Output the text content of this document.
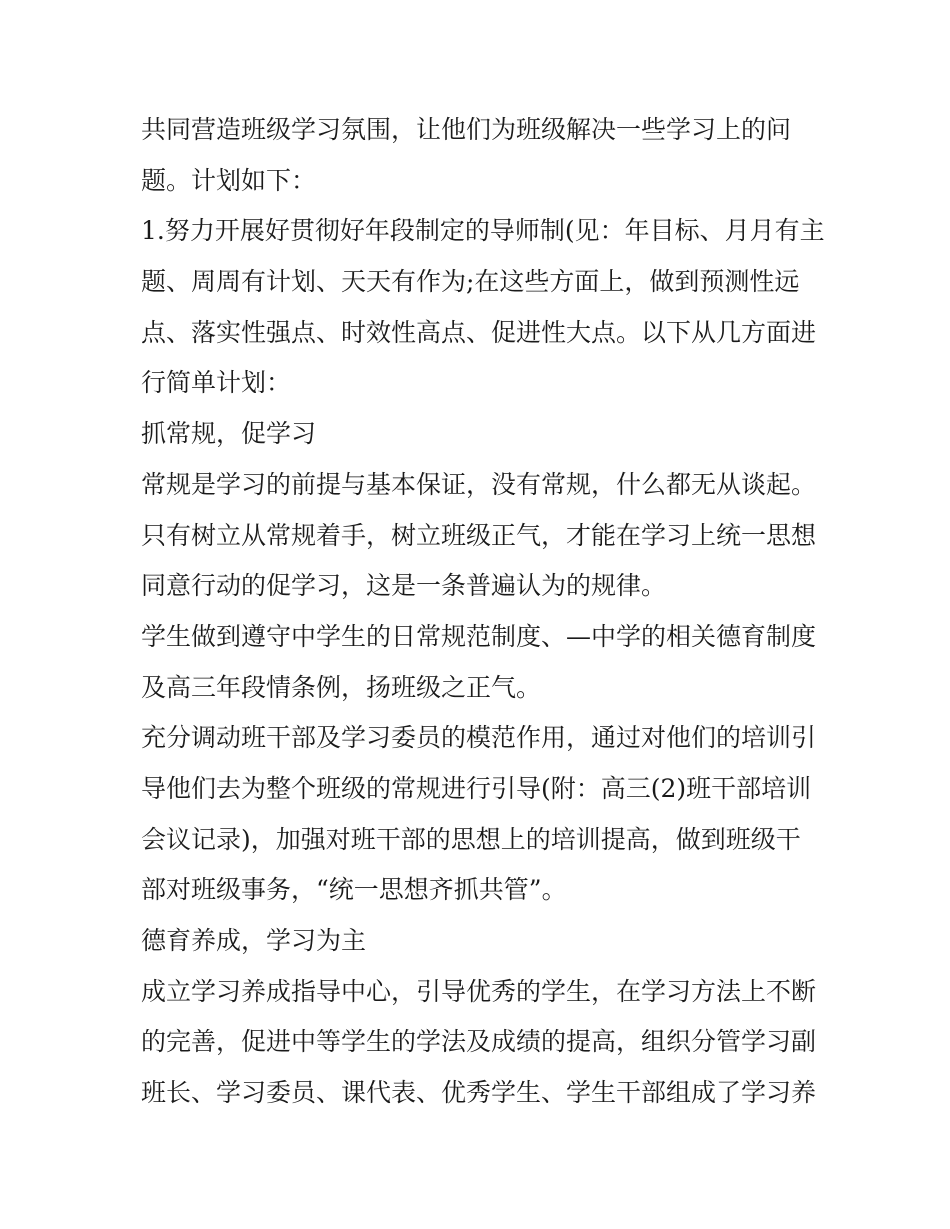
共同营造班级学习氛围，让他们为班级解决一些学习上的问
题。计划如下：
1.努力开展好贯彻好年段制定的导师制(见：年目标、月月有主
题、周周有计划、天天有作为;在这些方面上，做到预测性远
点、落实性强点、时效性高点、促进性大点。以下从几方面进
行简单计划：
抓常规，促学习
常规是学习的前提与基本保证，没有常规，什么都无从谈起。
只有树立从常规着手，树立班级正气，才能在学习上统一思想
同意行动的促学习，这是一条普遍认为的规律。
学生做到遵守中学生的日常规范制度、—中学的相关德育制度
及高三年段情条例，扬班级之正气。
充分调动班干部及学习委员的模范作用，通过对他们的培训引
导他们去为整个班级的常规进行引导(附：高三(2)班干部培训
会议记录)，加强对班干部的思想上的培训提高，做到班级干
部对班级事务，“统一思想齐抓共管”。
德育养成，学习为主
成立学习养成指导中心，引导优秀的学生，在学习方法上不断
的完善，促进中等学生的学法及成绩的提高，组织分管学习副
班长、学习委员、课代表、优秀学生、学生干部组成了学习养
